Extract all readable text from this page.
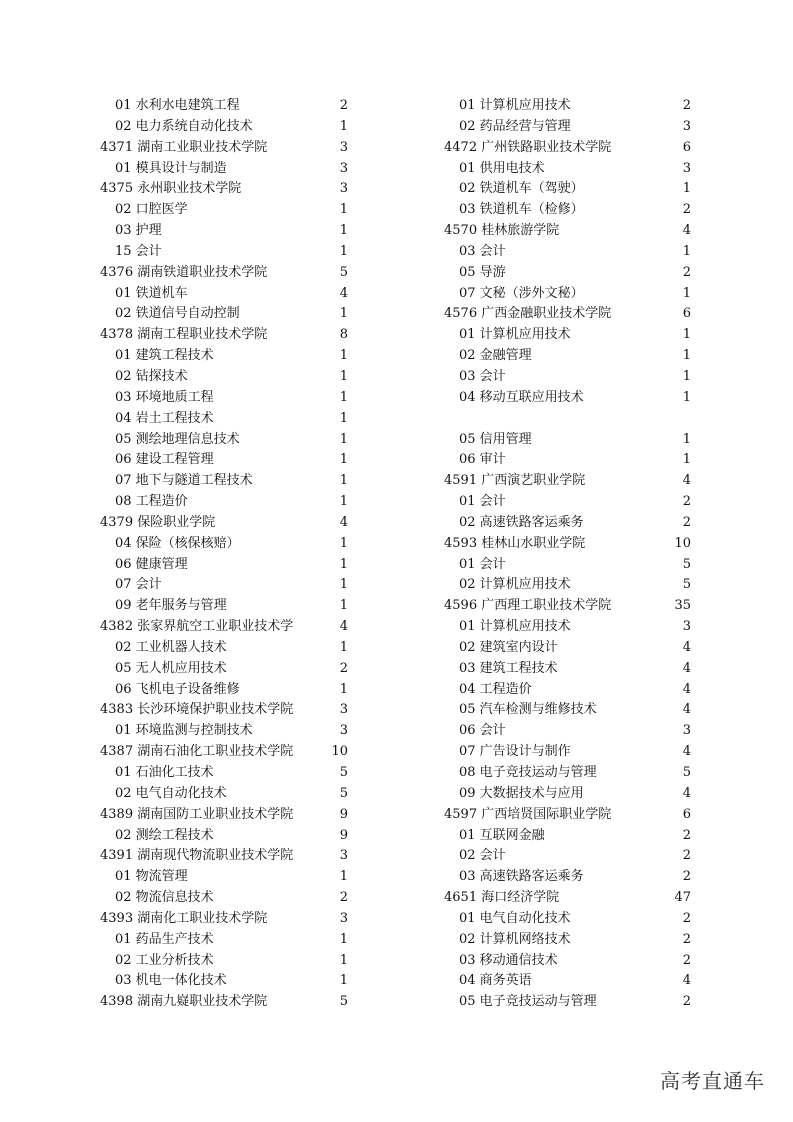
01 水利水电建筑工程	2
02 电力系统自动化技术	1
4371 湖南工业职业技术学院	3
01 模具设计与制造	3
4375 永州职业技术学院	3
02 口腔医学	1
03 护理	1
15 会计	1
4376 湖南铁道职业技术学院	5
01 铁道机车	4
02 铁道信号自动控制	1
4378 湖南工程职业技术学院	8
01 建筑工程技术	1
02 钻探技术	1
03 环境地质工程	1
04 岩土工程技术	1
05 测绘地理信息技术	1
06 建设工程管理	1
07 地下与隧道工程技术	1
08 工程造价	1
4379 保险职业学院	4
04 保险（核保核赔）	1
06 健康管理	1
07 会计	1
09 老年服务与管理	1
4382 张家界航空工业职业技术学	4
02 工业机器人技术	1
05 无人机应用技术	2
06 飞机电子设备维修	1
4383 长沙环境保护职业技术学院	3
01 环境监测与控制技术	3
4387 湖南石油化工职业技术学院	10
01 石油化工技术	5
02 电气自动化技术	5
4389 湖南国防工业职业技术学院	9
02 测绘工程技术	9
4391 湖南现代物流职业技术学院	3
01 物流管理	1
02 物流信息技术	2
4393 湖南化工职业技术学院	3
01 药品生产技术	1
02 工业分析技术	1
03 机电一体化技术	1
4398 湖南九嶷职业技术学院	5
01 计算机应用技术	2
02 药品经营与管理	3
4472 广州铁路职业技术学院	6
01 供用电技术	3
02 铁道机车（驾驶）	1
03 铁道机车（检修）	2
4570 桂林旅游学院	4
03 会计	1
05 导游	2
07 文秘（涉外文秘）	1
4576 广西金融职业技术学院	6
01 计算机应用技术	1
02 金融管理	1
03 会计	1
04 移动互联应用技术	1
05 信用管理	1
06 审计	1
4591 广西演艺职业学院	4
01 会计	2
02 高速铁路客运乘务	2
4593 桂林山水职业学院	10
01 会计	5
02 计算机应用技术	5
4596 广西理工职业技术学院	35
01 计算机应用技术	3
02 建筑室内设计	4
03 建筑工程技术	4
04 工程造价	4
05 汽车检测与维修技术	4
06 会计	3
07 广告设计与制作	4
08 电子竞技运动与管理	5
09 大数据技术与应用	4
4597 广西培贤国际职业学院	6
01 互联网金融	2
02 会计	2
03 高速铁路客运乘务	2
4651 海口经济学院	47
01 电气自动化技术	2
02 计算机网络技术	2
03 移动通信技术	2
04 商务英语	4
05 电子竞技运动与管理	2
高考直通车
